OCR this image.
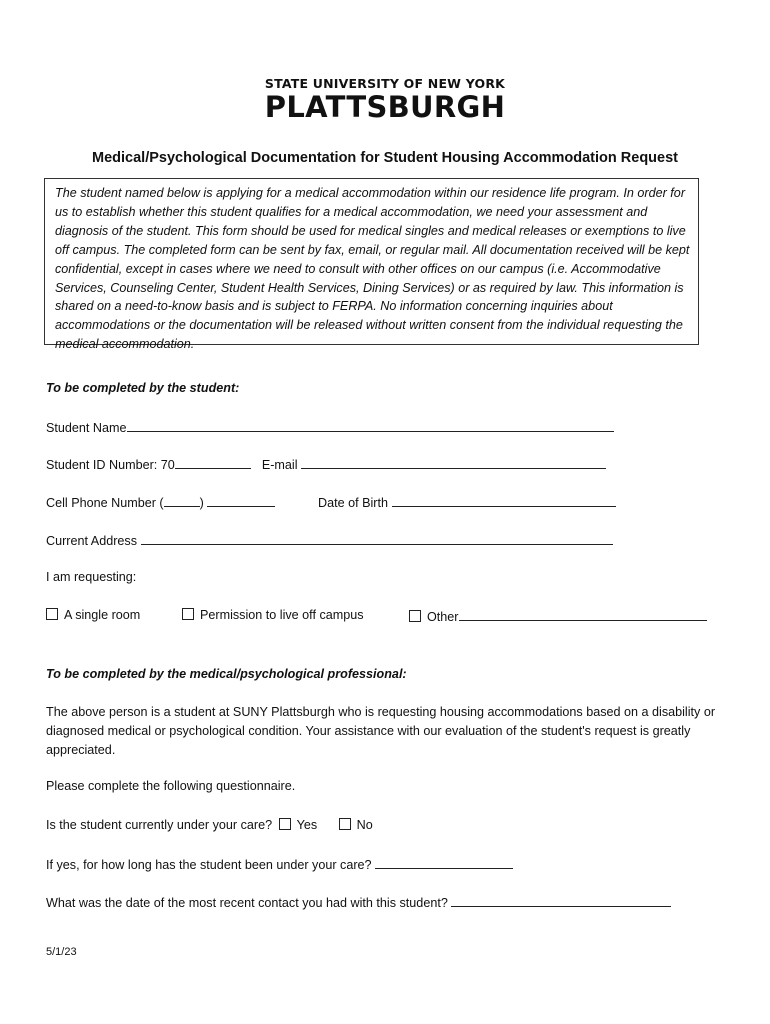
STATE UNIVERSITY OF NEW YORK
PLATTSBURGH
Medical/Psychological Documentation for Student Housing Accommodation Request
The student named below is applying for a medical accommodation within our residence life program. In order for us to establish whether this student qualifies for a medical accommodation, we need your assessment and diagnosis of the student. This form should be used for medical singles and medical releases or exemptions to live off campus. The completed form can be sent by fax, email, or regular mail. All documentation received will be kept confidential, except in cases where we need to consult with other offices on our campus (i.e. Accommodative Services, Counseling Center, Student Health Services, Dining Services) or as required by law. This information is shared on a need-to-know basis and is subject to FERPA. No information concerning inquiries about accommodations or the documentation will be released without written consent from the individual requesting the medical accommodation.
To be completed by the student:
Student Name
Student ID Number: 70	E-mail
Cell Phone Number (	)	Date of Birth
Current Address
I am requesting:
A single room	Permission to live off campus	Other
To be completed by the medical/psychological professional:
The above person is a student at SUNY Plattsburgh who is requesting housing accommodations based on a disability or diagnosed medical or psychological condition. Your assistance with our evaluation of the student's request is greatly appreciated.
Please complete the following questionnaire.
Is the student currently under your care? Yes	No
If yes, for how long has the student been under your care?
What was the date of the most recent contact you had with this student?
5/1/23
